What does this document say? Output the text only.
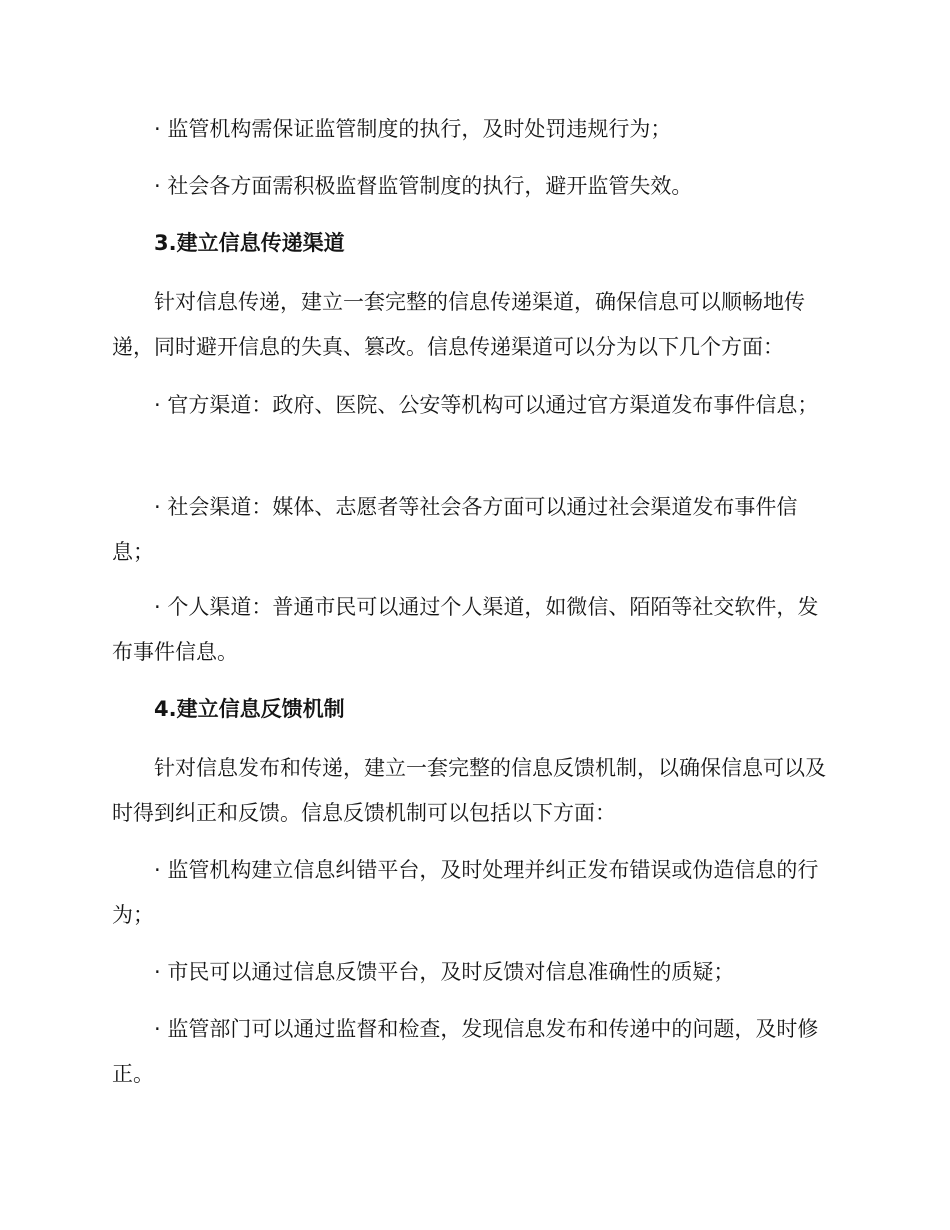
· 监管机构需保证监管制度的执行，及时处罚违规行为；

· 社会各方面需积极监督监管制度的执行，避开监管失效。

3.建立信息传递渠道

针对信息传递，建立一套完整的信息传递渠道，确保信息可以顺畅地传递，同时避开信息的失真、篡改。信息传递渠道可以分为以下几个方面：

· 官方渠道：政府、医院、公安等机构可以通过官方渠道发布事件信息；

· 社会渠道：媒体、志愿者等社会各方面可以通过社会渠道发布事件信息；

· 个人渠道：普通市民可以通过个人渠道，如微信、陌陌等社交软件，发布事件信息。

4.建立信息反馈机制

针对信息发布和传递，建立一套完整的信息反馈机制，以确保信息可以及时得到纠正和反馈。信息反馈机制可以包括以下方面：

· 监管机构建立信息纠错平台，及时处理并纠正发布错误或伪造信息的行为；

· 市民可以通过信息反馈平台，及时反馈对信息准确性的质疑；

· 监管部门可以通过监督和检查，发现信息发布和传递中的问题，及时修正。
